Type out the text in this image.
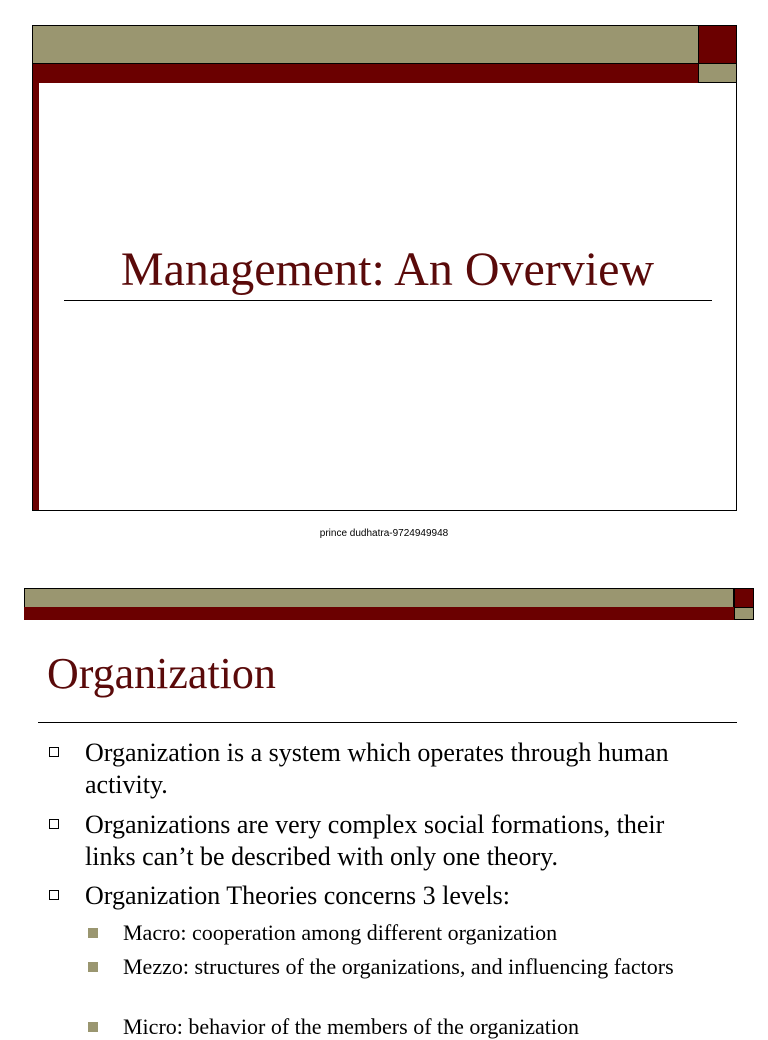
Management: An Overview
prince dudhatra-9724949948
Organization
Organization is a system which operates through human activity.
Organizations are very complex social formations, their links can’t be described with only one theory.
Organization Theories concerns 3 levels:
Macro: cooperation among different organization
Mezzo: structures of the organizations, and influencing factors
Micro: behavior of the members of the organization
